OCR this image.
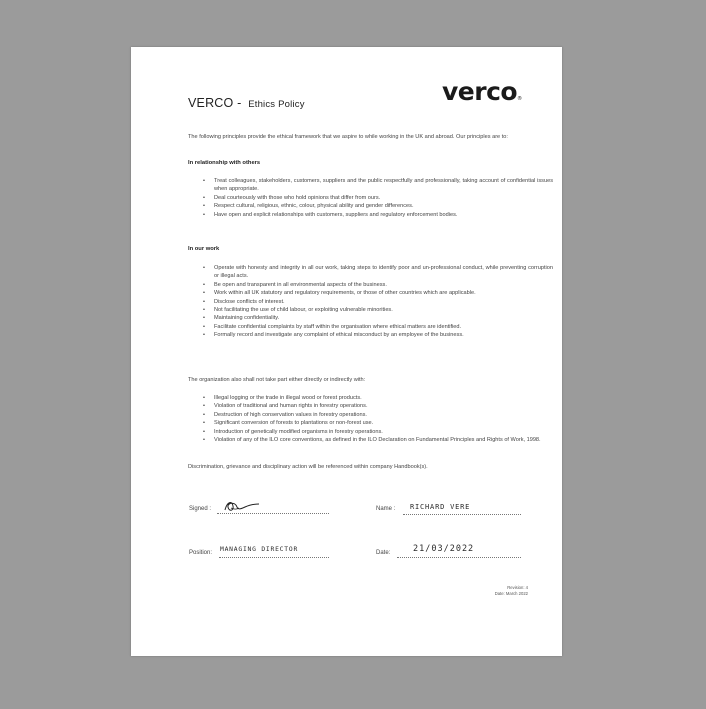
VERCO - Ethics Policy	verco®
The following principles provide the ethical framework that we aspire to while working in the UK and abroad. Our principles are to:
In relationship with others
• Treat colleagues, stakeholders, customers, suppliers and the public respectfully and professionally, taking account of confidential issues when appropriate.
• Deal courteously with those who hold opinions that differ from ours.
• Respect cultural, religious, ethnic, colour, physical ability and gender differences.
• Have open and explicit relationships with customers, suppliers and regulatory enforcement bodies.
In our work
• Operate with honesty and integrity in all our work, taking steps to identify poor and un-professional conduct, while preventing corruption or illegal acts.
• Be open and transparent in all environmental aspects of the business.
• Work within all UK statutory and regulatory requirements, or those of other countries which are applicable.
• Disclose conflicts of interest.
• Not facilitating the use of child labour, or exploiting vulnerable minorities.
• Maintaining confidentiality.
• Facilitate confidential complaints by staff within the organisation where ethical matters are identified.
• Formally record and investigate any complaint of ethical misconduct by an employee of the business.
The organization also shall not take part either directly or indirectly with:
• Illegal logging or the trade in illegal wood or forest products.
• Violation of traditional and human rights in forestry operations.
• Destruction of high conservation values in forestry operations.
• Significant conversion of forests to plantations or non-forest use.
• Introduction of genetically modified organisms in forestry operations.
• Violation of any of the ILO core conventions, as defined in the ILO Declaration on Fundamental Principles and Rights of Work, 1998.
Discrimination, grievance and disciplinary action will be referenced within company Handbook(s).
Signed :	Name : RICHARD VERE
Position: MANAGING DIRECTOR	Date:	21/03/2022
Revision: 4
Date: March 2022
